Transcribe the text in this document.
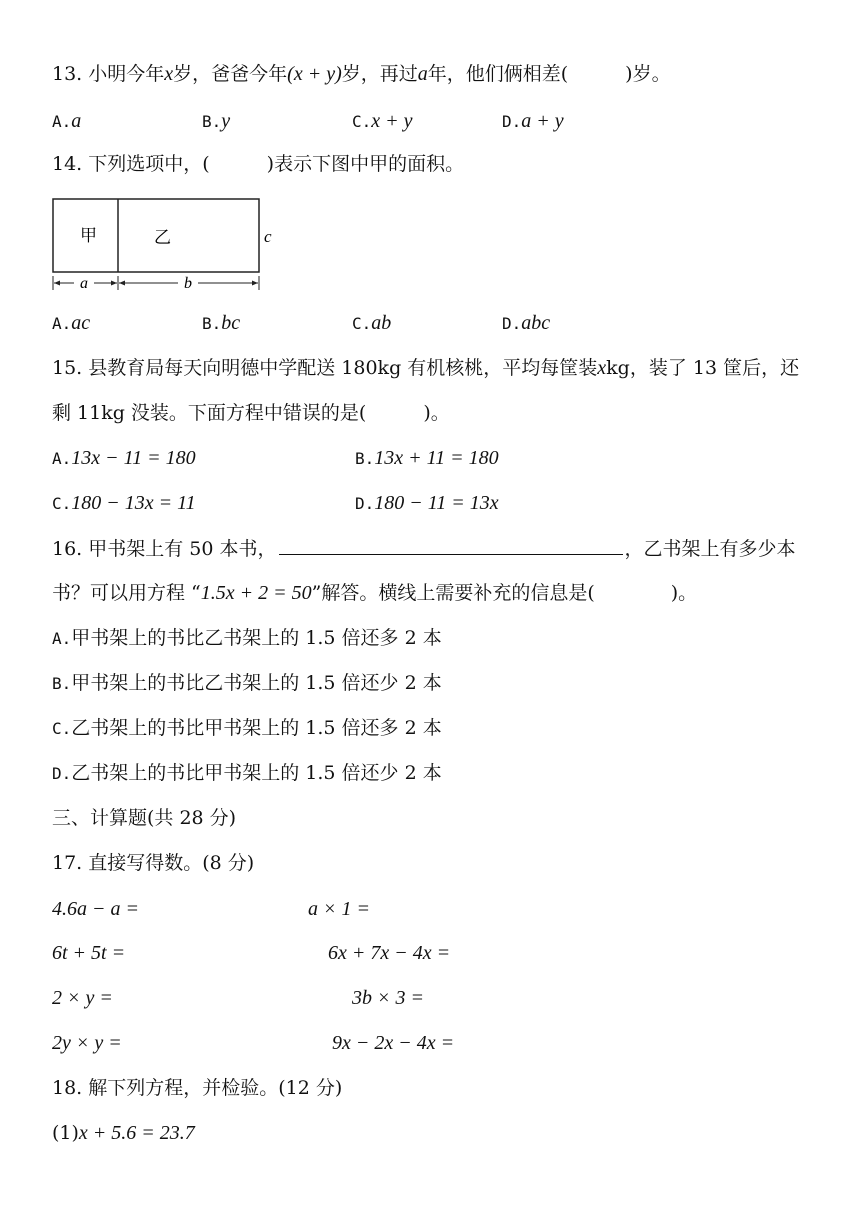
13. 小明今年x岁，爸爸今年(x + y)岁，再过a年，他们俩相差(　　　)岁。
A.a	B.y	C.x + y	D.a + y
14. 下列选项中，(　　　)表示下图中甲的面积。
甲	乙	c
a	b
A.ac	B.bc	C.ab	D.abc
15. 县教育局每天向明德中学配送 180kg 有机核桃，平均每筐装xkg，装了 13 筐后，还
剩 11kg 没装。下面方程中错误的是(　　　)。
A.13x − 11 = 180	B.13x + 11 = 180
C.180 − 13x = 11	D.180 − 11 = 13x
16. 甲书架上有 50 本书，	，乙书架上有多少本
书？可以用方程 “1.5x + 2 = 50”解答。横线上需要补充的信息是(　　　　)。
A.甲书架上的书比乙书架上的 1.5 倍还多 2 本
B.甲书架上的书比乙书架上的 1.5 倍还少 2 本
C.乙书架上的书比甲书架上的 1.5 倍还多 2 本
D.乙书架上的书比甲书架上的 1.5 倍还少 2 本
三、计算题(共 28 分)
17. 直接写得数。(8 分)
4.6a − a =	a × 1 =
6t + 5t =	6x + 7x − 4x =
2 × y =	3b × 3 =
2y × y =	9x − 2x − 4x =
18. 解下列方程，并检验。(12 分)
(1)x + 5.6 = 23.7
